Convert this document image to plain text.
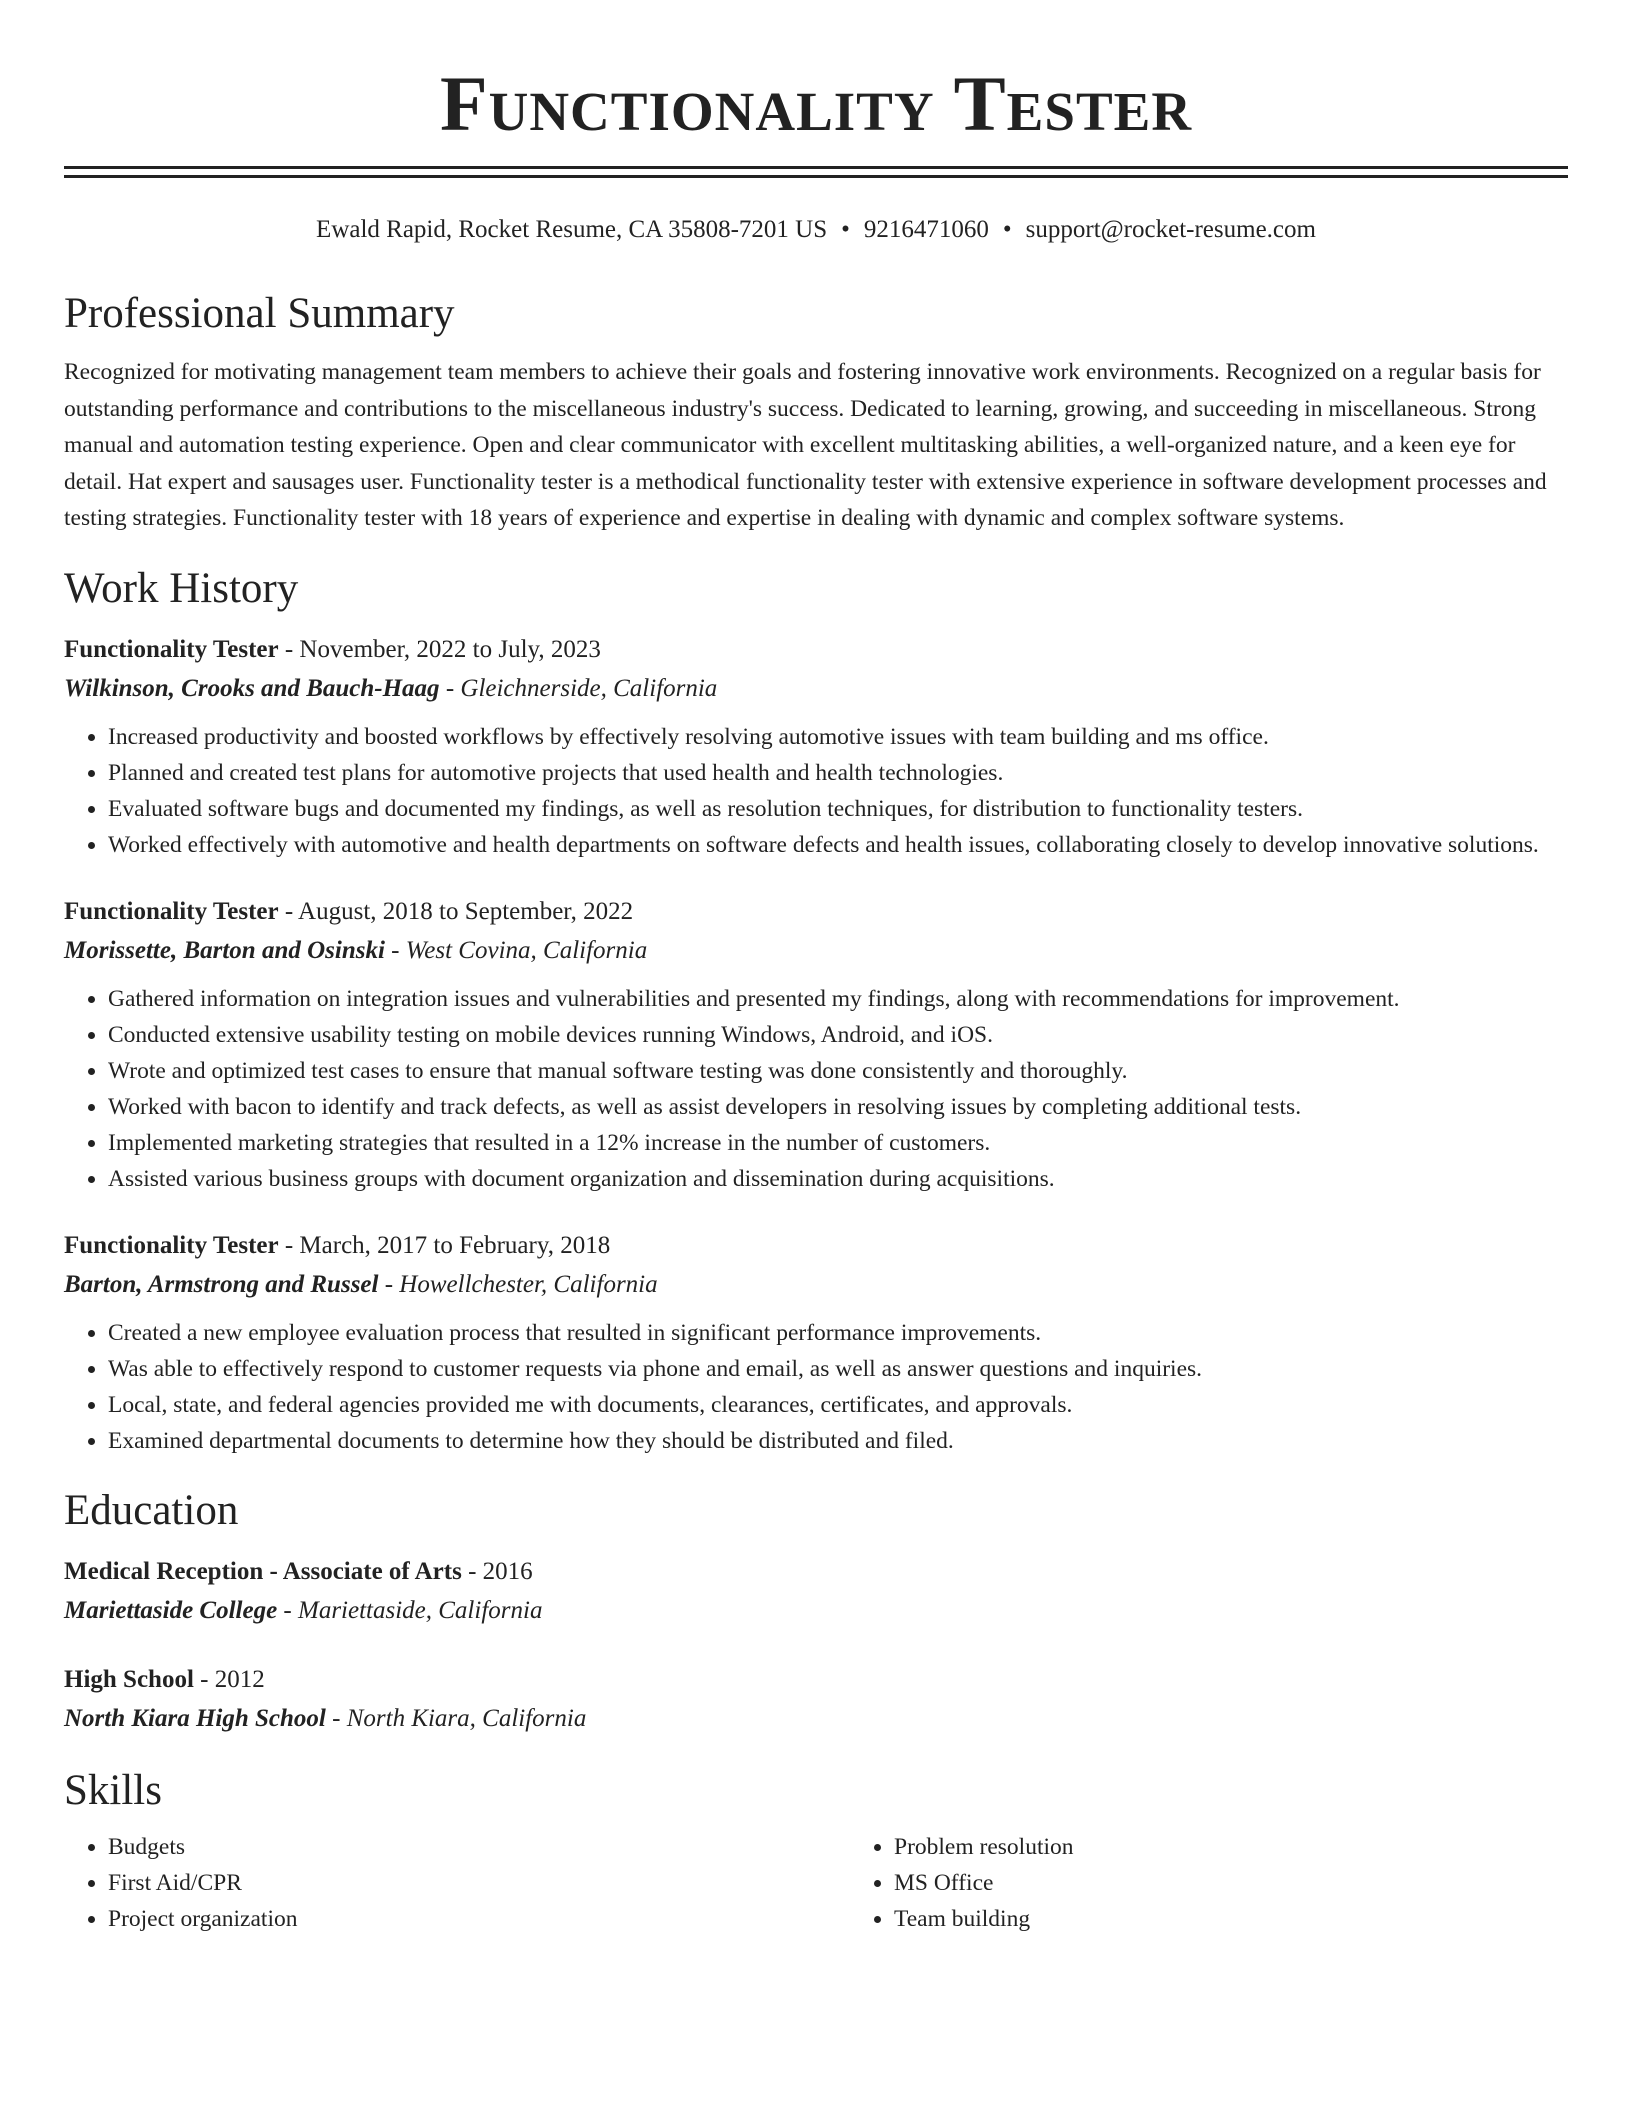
Functionality Tester
Ewald Rapid, Rocket Resume, CA 35808-7201 US • 9216471060 • support@rocket-resume.com
Professional Summary

Recognized for motivating management team members to achieve their goals and fostering innovative work environments. Recognized on a regular basis for outstanding performance and contributions to the miscellaneous industry's success. Dedicated to learning, growing, and succeeding in miscellaneous. Strong manual and automation testing experience. Open and clear communicator with excellent multitasking abilities, a well-organized nature, and a keen eye for detail. Hat expert and sausages user. Functionality tester is a methodical functionality tester with extensive experience in software development processes and testing strategies. Functionality tester with 18 years of experience and expertise in dealing with dynamic and complex software systems.

Work History
Functionality Tester - November, 2022 to July, 2023
Wilkinson, Crooks and Bauch-Haag - Gleichnerside, California
• Increased productivity and boosted workflows by effectively resolving automotive issues with team building and ms office.
• Planned and created test plans for automotive projects that used health and health technologies.
• Evaluated software bugs and documented my findings, as well as resolution techniques, for distribution to functionality testers.
• Worked effectively with automotive and health departments on software defects and health issues, collaborating closely to develop innovative solutions.
Functionality Tester - August, 2018 to September, 2022
Morissette, Barton and Osinski - West Covina, California
• Gathered information on integration issues and vulnerabilities and presented my findings, along with recommendations for improvement.
• Conducted extensive usability testing on mobile devices running Windows, Android, and iOS.
• Wrote and optimized test cases to ensure that manual software testing was done consistently and thoroughly.
• Worked with bacon to identify and track defects, as well as assist developers in resolving issues by completing additional tests.
• Implemented marketing strategies that resulted in a 12% increase in the number of customers.
• Assisted various business groups with document organization and dissemination during acquisitions.
Functionality Tester - March, 2017 to February, 2018
Barton, Armstrong and Russel - Howellchester, California
• Created a new employee evaluation process that resulted in significant performance improvements.
• Was able to effectively respond to customer requests via phone and email, as well as answer questions and inquiries.
• Local, state, and federal agencies provided me with documents, clearances, certificates, and approvals.
• Examined departmental documents to determine how they should be distributed and filed.
Education
Medical Reception - Associate of Arts - 2016
Mariettaside College - Mariettaside, California
High School - 2012
North Kiara High School - North Kiara, California
Skills
• Budgets
• First Aid/CPR
• Project organization
• Problem resolution
• MS Office
• Team building
